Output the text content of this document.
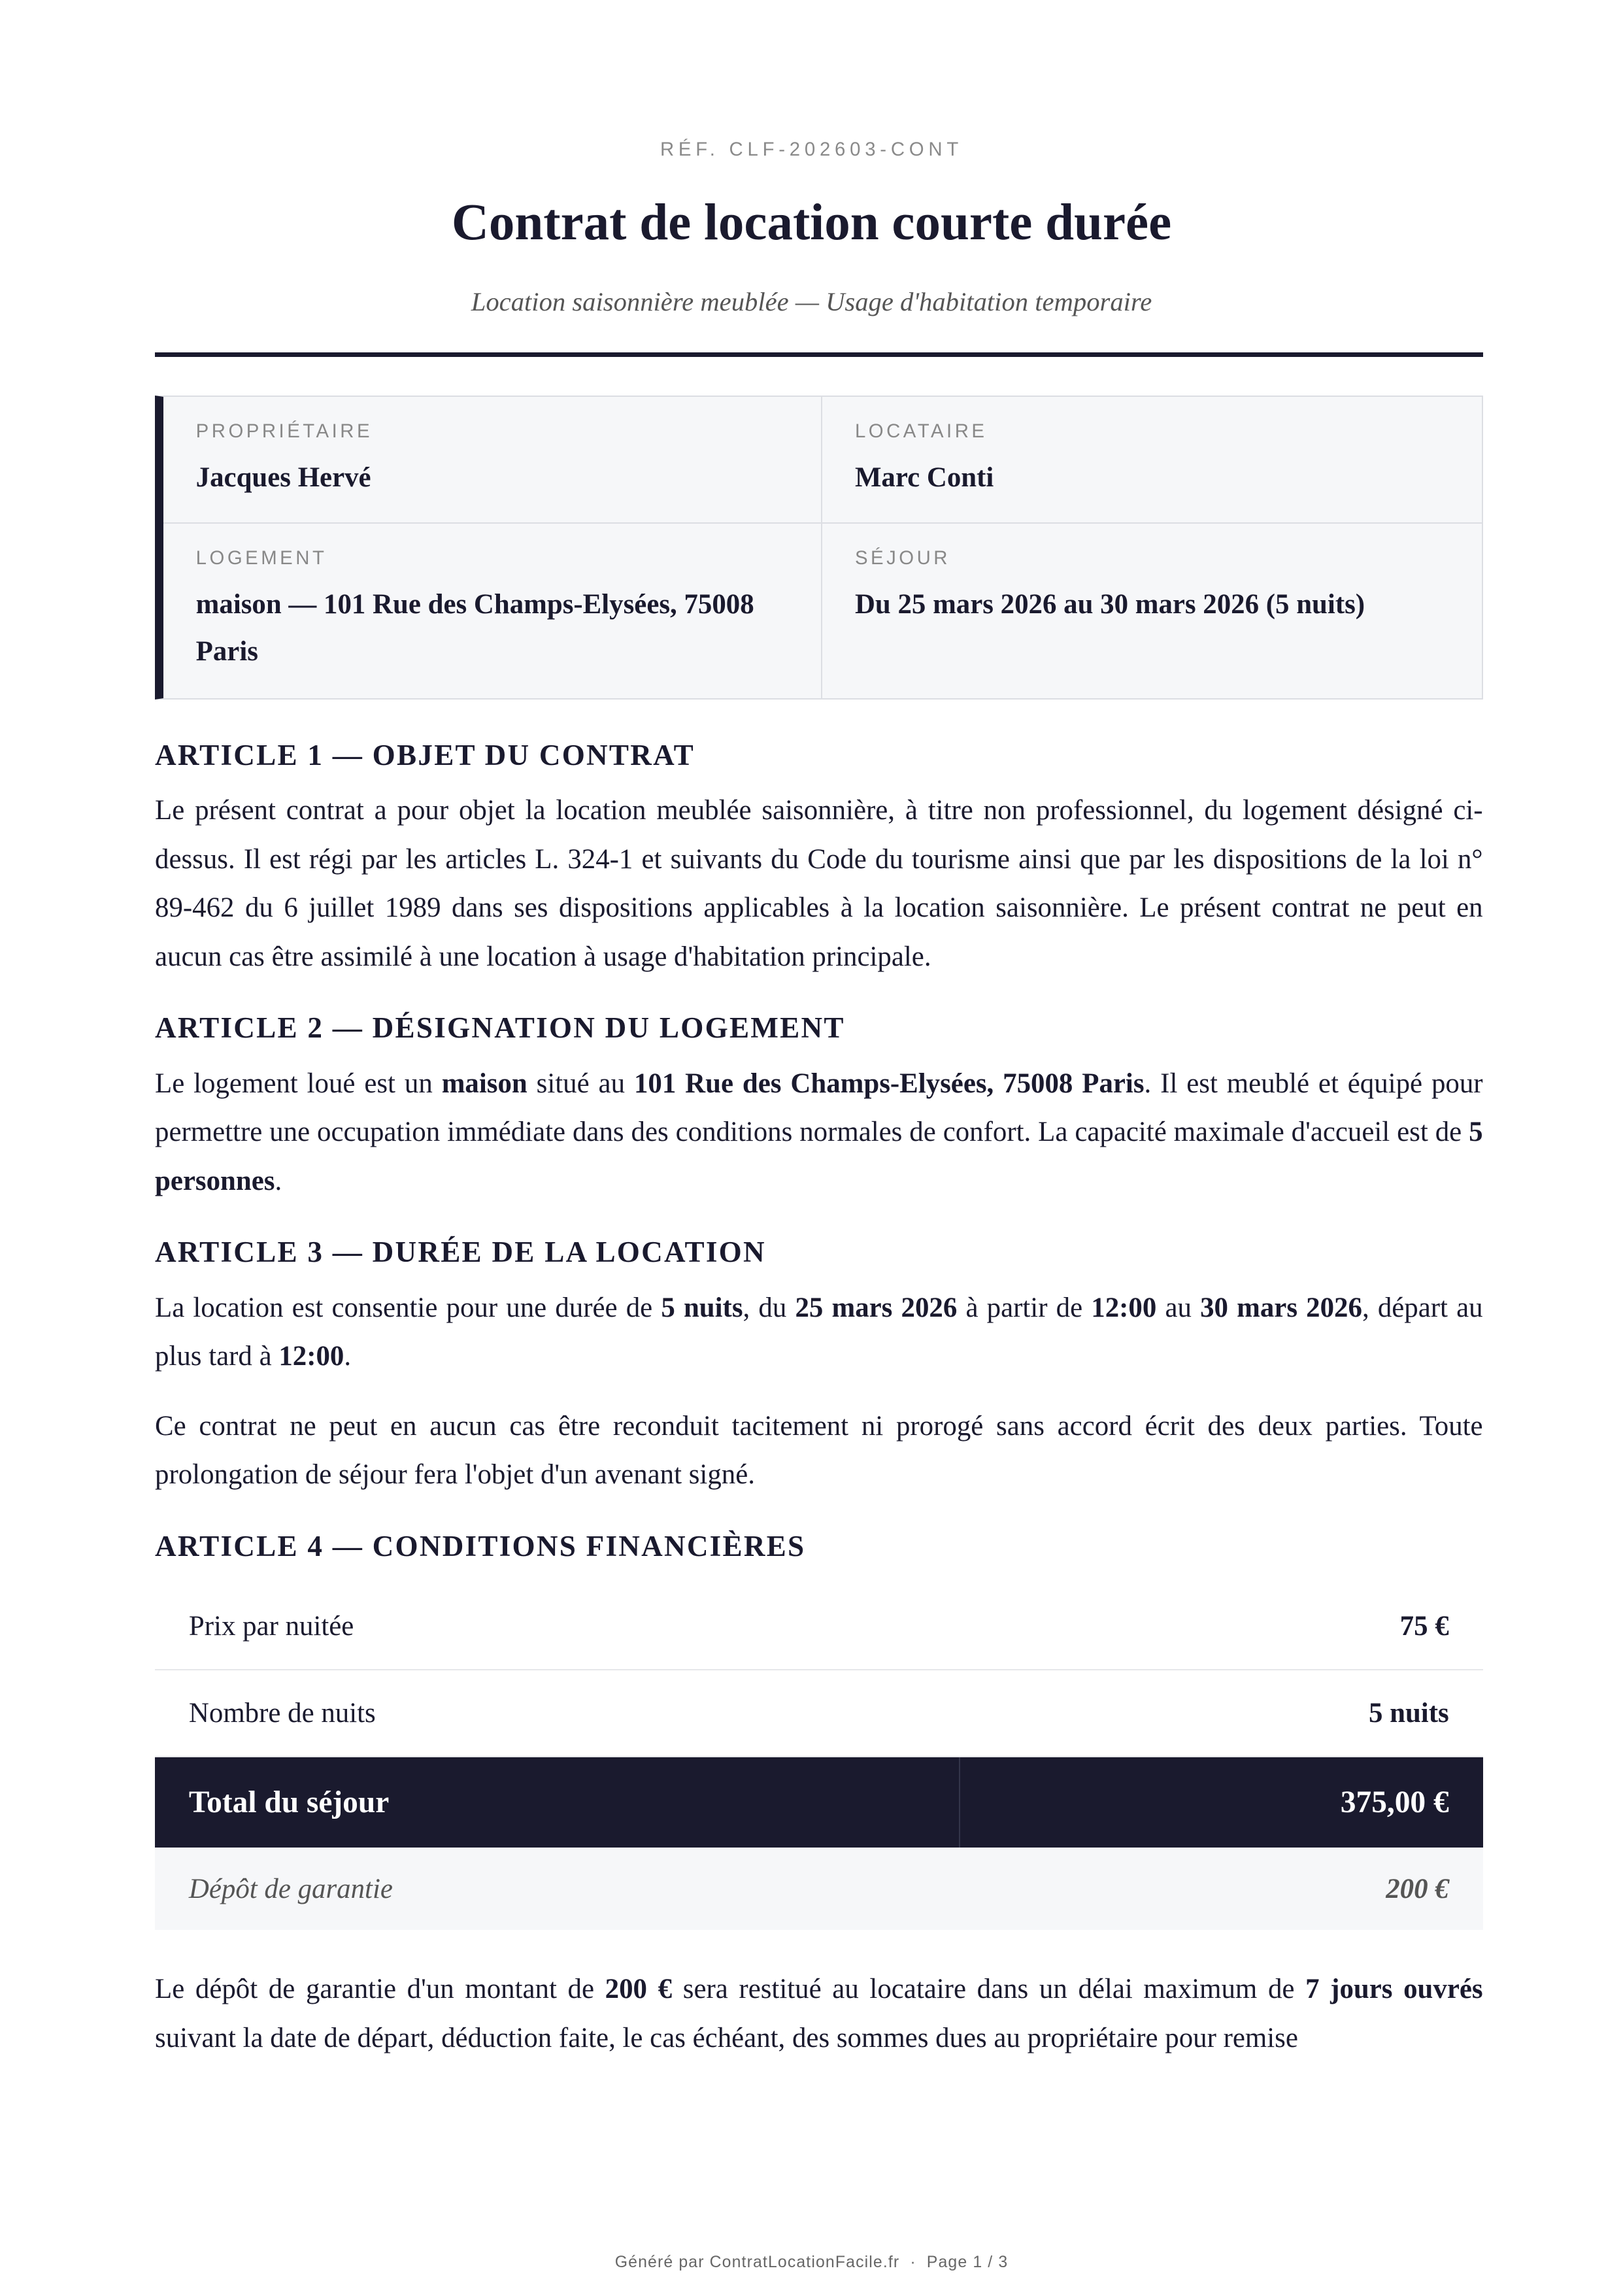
RÉF. CLF-202603-CONT
Contrat de location courte durée
Location saisonnière meublée — Usage d'habitation temporaire
PROPRIÉTAIRE
Jacques Hervé
LOCATAIRE
Marc Conti
LOGEMENT
maison — 101 Rue des Champs-Elysées, 75008 Paris
SÉJOUR
Du 25 mars 2026 au 30 mars 2026 (5 nuits)
ARTICLE 1 — OBJET DU CONTRAT

Le présent contrat a pour objet la location meublée saisonnière, à titre non professionnel, du logement désigné ci-dessus. Il est régi par les articles L. 324-1 et suivants du Code du tourisme ainsi que par les dispositions de la loi n° 89-462 du 6 juillet 1989 dans ses dispositions applicables à la location saisonnière. Le présent contrat ne peut en aucun cas être assimilé à une location à usage d'habitation principale.

ARTICLE 2 — DÉSIGNATION DU LOGEMENT

Le logement loué est un maison situé au 101 Rue des Champs-Elysées, 75008 Paris. Il est meublé et équipé pour permettre une occupation immédiate dans des conditions normales de confort. La capacité maximale d'accueil est de 5 personnes.

ARTICLE 3 — DURÉE DE LA LOCATION

La location est consentie pour une durée de 5 nuits, du 25 mars 2026 à partir de 12:00 au 30 mars 2026, départ au plus tard à 12:00.

Ce contrat ne peut en aucun cas être reconduit tacitement ni prorogé sans accord écrit des deux parties. Toute prolongation de séjour fera l'objet d'un avenant signé.

ARTICLE 4 — CONDITIONS FINANCIÈRES
Prix par nuitée	75 €
Nombre de nuits	5 nuits
Total du séjour	375,00 €
Dépôt de garantie	200 €

Le dépôt de garantie d'un montant de 200 € sera restitué au locataire dans un délai maximum de 7 jours ouvrés suivant la date de départ, déduction faite, le cas échéant, des sommes dues au propriétaire pour remise

Généré par ContratLocationFacile.fr  ·  Page 1 / 3
